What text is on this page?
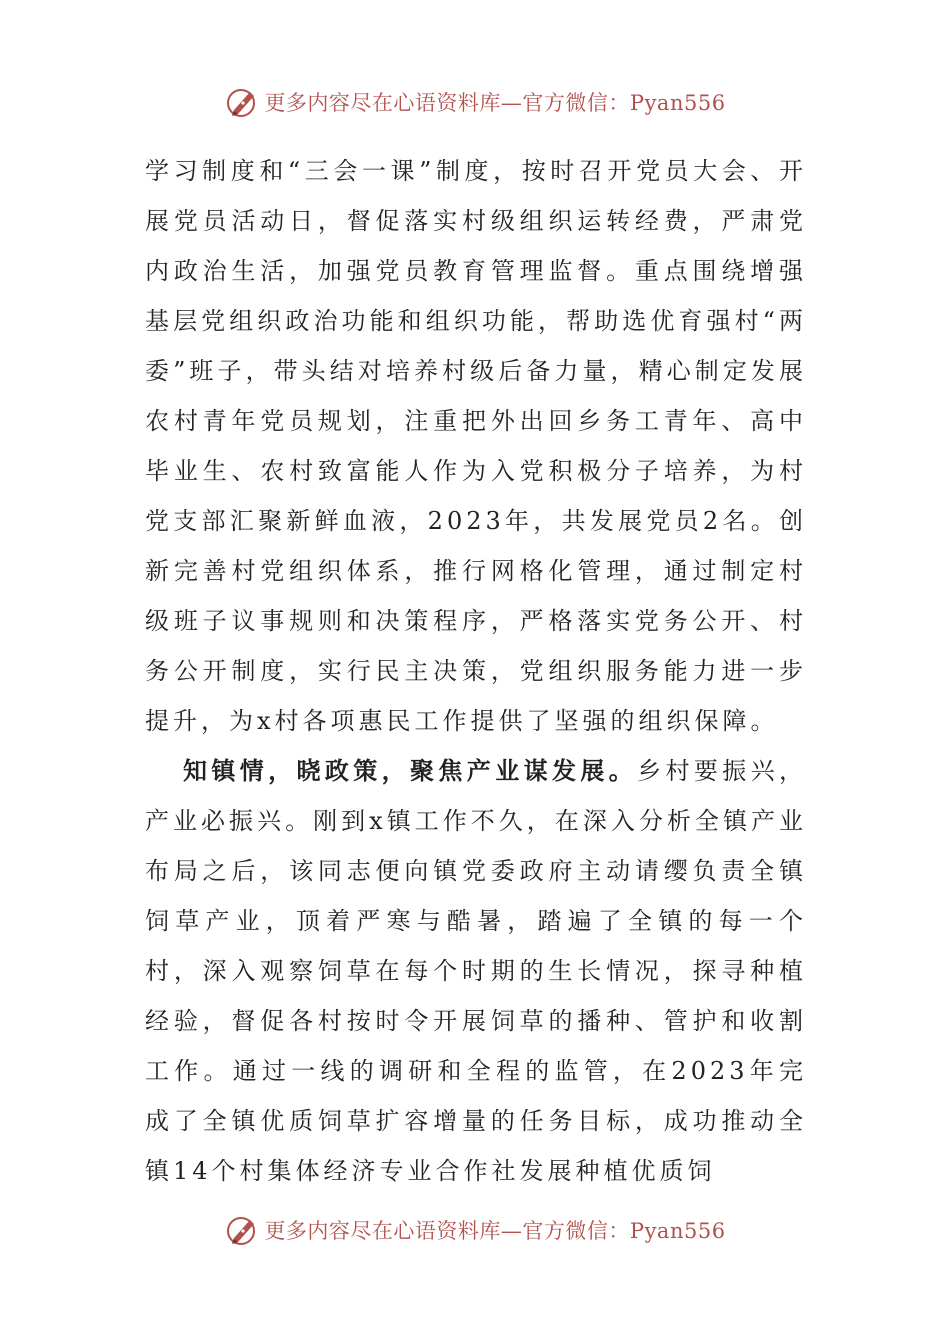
更多内容尽在心语资料库—官方微信：Pyan556

学习制度和“三会一课”制度，按时召开党员大会、开展党员活动日，督促落实村级组织运转经费，严肃党内政治生活，加强党员教育管理监督。重点围绕增强基层党组织政治功能和组织功能，帮助选优育强村“两委”班子，带头结对培养村级后备力量，精心制定发展农村青年党员规划，注重把外出回乡务工青年、高中毕业生、农村致富能人作为入党积极分子培养，为村党支部汇聚新鲜血液，2023年，共发展党员2名。创新完善村党组织体系，推行网格化管理，通过制定村级班子议事规则和决策程序，严格落实党务公开、村务公开制度，实行民主决策，党组织服务能力进一步提升，为x村各项惠民工作提供了坚强的组织保障。

知镇情，晓政策，聚焦产业谋发展。乡村要振兴，产业必振兴。刚到x镇工作不久，在深入分析全镇产业布局之后，该同志便向镇党委政府主动请缨负责全镇饲草产业，顶着严寒与酷暑，踏遍了全镇的每一个村，深入观察饲草在每个时期的生长情况，探寻种植经验，督促各村按时令开展饲草的播种、管护和收割工作。通过一线的调研和全程的监管，在2023年完成了全镇优质饲草扩容增量的任务目标，成功推动全镇14个村集体经济专业合作社发展种植优质饲

更多内容尽在心语资料库—官方微信：Pyan556
